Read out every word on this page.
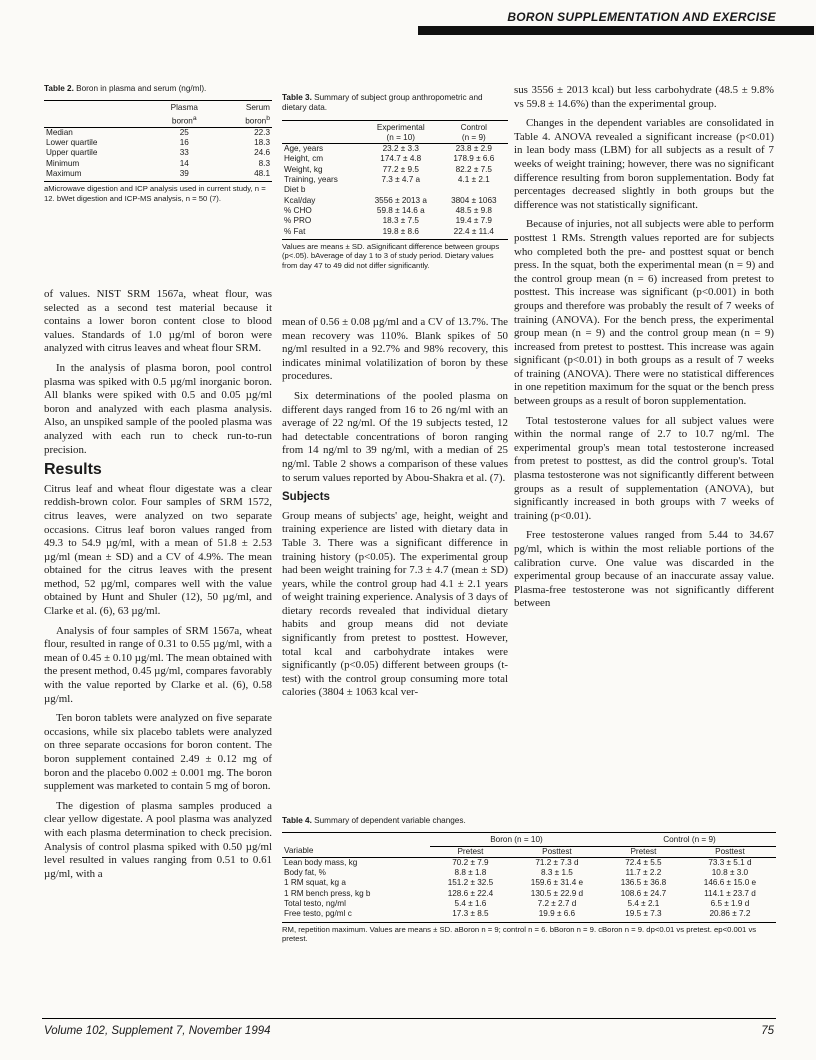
BORON SUPPLEMENTATION AND EXERCISE
Table 2. Boron in plasma and serum (ng/ml).
	Plasma	Serum
	boron$^a$	boron$^b$
Median	25	22.3
Lower quartile	16	18.3
Upper quartile	33	24.6
Minimum	14	8.3
Maximum	39	48.1
aMicrowave digestion and ICP analysis used in current study, n = 12. bWet digestion and ICP-MS analysis, n = 50 (7).
Table 3. Summary of subject group anthropometric and dietary data.
	Experimental	Control
	(n = 10)	(n = 9)
Age, years	23.2 ± 3.3	23.8 ± 2.9
Height, cm	174.7 ± 4.8	178.9 ± 6.6
Weight, kg	77.2 ± 9.5	82.2 ± 7.5
Training, years	7.3 ± 4.7 a	4.1 ± 2.1
Diet b		
Kcal/day	3556 ± 2013 a	3804 ± 1063
% CHO	59.8 ± 14.6 a	48.5 ± 9.8
% PRO	18.3 ± 7.5	19.4 ± 7.9
% Fat	19.8 ± 8.6	22.4 ± 11.4
Values are means ± SD. aSignificant difference between groups (p<.05). bAverage of day 1 to 3 of study period. Dietary values from day 47 to 49 did not differ significantly.

of values. NIST SRM 1567a, wheat flour, was selected as a second test material because it contains a lower boron content close to blood values. Standards of 1.0 µg/ml of boron were analyzed with citrus leaves and wheat flour SRM.

In the analysis of plasma boron, pool control plasma was spiked with 0.5 µg/ml inorganic boron. All blanks were spiked with 0.5 and 0.05 µg/ml boron and analyzed with each plasma analysis. Also, an unspiked sample of the pooled plasma was analyzed with each run to check run-to-run precision.

Results

Citrus leaf and wheat flour digestate was a clear reddish-brown color. Four samples of SRM 1572, citrus leaves, were analyzed on two separate occasions. Citrus leaf boron values ranged from 49.3 to 54.9 µg/ml, with a mean of 51.8 ± 2.53 µg/ml (mean ± SD) and a CV of 4.9%. The mean obtained for the citrus leaves with the present method, 52 µg/ml, compares well with the value obtained by Hunt and Shuler (12), 50 µg/ml, and Clarke et al. (6), 63 µg/ml.

Analysis of four samples of SRM 1567a, wheat flour, resulted in range of 0.31 to 0.55 µg/ml, with a mean of 0.45 ± 0.10 µg/ml. The mean obtained with the present method, 0.45 µg/ml, compares favorably with the value reported by Clarke et al. (6), 0.58 µg/ml.

Ten boron tablets were analyzed on five separate occasions, while six placebo tablets were analyzed on three separate occasions for boron content. The boron supplement contained 2.49 ± 0.12 mg of boron and the placebo 0.002 ± 0.001 mg. The boron supplement was marketed to contain 5 mg of boron.

The digestion of plasma samples produced a clear yellow digestate. A pool plasma was analyzed with each plasma determination to check precision. Analysis of control plasma spiked with 0.50 µg/ml level resulted in values ranging from 0.51 to 0.61 µg/ml, with a

mean of 0.56 ± 0.08 µg/ml and a CV of 13.7%. The mean recovery was 110%. Blank spikes of 50 ng/ml resulted in a 92.7% and 98% recovery, this indicates minimal volatilization of boron by these procedures.

Six determinations of the pooled plasma on different days ranged from 16 to 26 ng/ml with an average of 22 ng/ml. Of the 19 subjects tested, 12 had detectable concentrations of boron ranging from 14 ng/ml to 39 ng/ml, with a median of 25 ng/ml. Table 2 shows a comparison of these values to serum values reported by Abou-Shakra et al. (7).

Subjects

Group means of subjects' age, height, weight and training experience are listed with dietary data in Table 3. There was a significant difference in training history (p<0.05). The experimental group had been weight training for 7.3 ± 4.7 (mean ± SD) years, while the control group had 4.1 ± 2.1 years of weight training experience. Analysis of 3 days of dietary records revealed that individual dietary habits and group means did not deviate significantly from pretest to posttest. However, total kcal and carbohydrate intakes were significantly (p<0.05) different between groups (t-test) with the control group consuming more total calories (3804 ± 1063 kcal ver-

sus 3556 ± 2013 kcal) but less carbohydrate (48.5 ± 9.8% vs 59.8 ± 14.6%) than the experimental group.

Changes in the dependent variables are consolidated in Table 4. ANOVA revealed a significant increase (p<0.01) in lean body mass (LBM) for all subjects as a result of 7 weeks of weight training; however, there was no significant difference resulting from boron supplementation. Body fat percentages decreased slightly in both groups but the difference was not statistically significant.

Because of injuries, not all subjects were able to perform posttest 1 RMs. Strength values reported are for subjects who completed both the pre- and posttest squat or bench press. In the squat, both the experimental mean (n = 9) and the control group mean (n = 6) increased from pretest to posttest. This increase was significant (p<0.001) in both groups and therefore was probably the result of 7 weeks of training (ANOVA). For the bench press, the experimental group mean (n = 9) and the control group mean (n = 9) increased from pretest to posttest. This increase was again significant (p<0.01) in both groups as a result of 7 weeks of training (ANOVA). There were no statistical differences in one repetition maximum for the squat or the bench press between groups as a result of boron supplementation.

Total testosterone values for all subject values were within the normal range of 2.7 to 10.7 ng/ml. The experimental group's mean total testosterone increased from pretest to posttest, as did the control group's. Total plasma testosterone was not significantly different between groups as a result of supplementation (ANOVA), but significantly increased in both groups with 7 weeks of training (p<0.01).

Free testosterone values ranged from 5.44 to 34.67 pg/ml, which is within the most reliable portions of the calibration curve. One value was discarded in the experimental group because of an inaccurate assay value. Plasma-free testosterone was not significantly different between

Table 4. Summary of dependent variable changes.
	Boron (n = 10)		Control (n = 9)	
Variable	Pretest	Posttest	Pretest	Posttest
Lean body mass, kg	70.2 ± 7.9	71.2 ± 7.3 d	72.4 ± 5.5	73.3 ± 5.1 d
Body fat, %	8.8 ± 1.8	8.3 ± 1.5	11.7 ± 2.2	10.8 ± 3.0
1 RM squat, kg a	151.2 ± 32.5	159.6 ± 31.4 e	136.5 ± 36.8	146.6 ± 15.0 e
1 RM bench press, kg b	128.6 ± 22.4	130.5 ± 22.9 d	108.6 ± 24.7	114.1 ± 23.7 d
Total testo, ng/ml	5.4 ± 1.6	7.2 ± 2.7 d	5.4 ± 2.1	6.5 ± 1.9 d
Free testo, pg/ml c	17.3 ± 8.5	19.9 ± 6.6	19.5 ± 7.3	20.86 ± 7.2
RM, repetition maximum. Values are means ± SD. aBoron n = 9; control n = 6. bBoron n = 9. cBoron n = 9. dp<0.01 vs pretest. ep<0.001 vs pretest.
Volume 102, Supplement 7, November 1994	75
